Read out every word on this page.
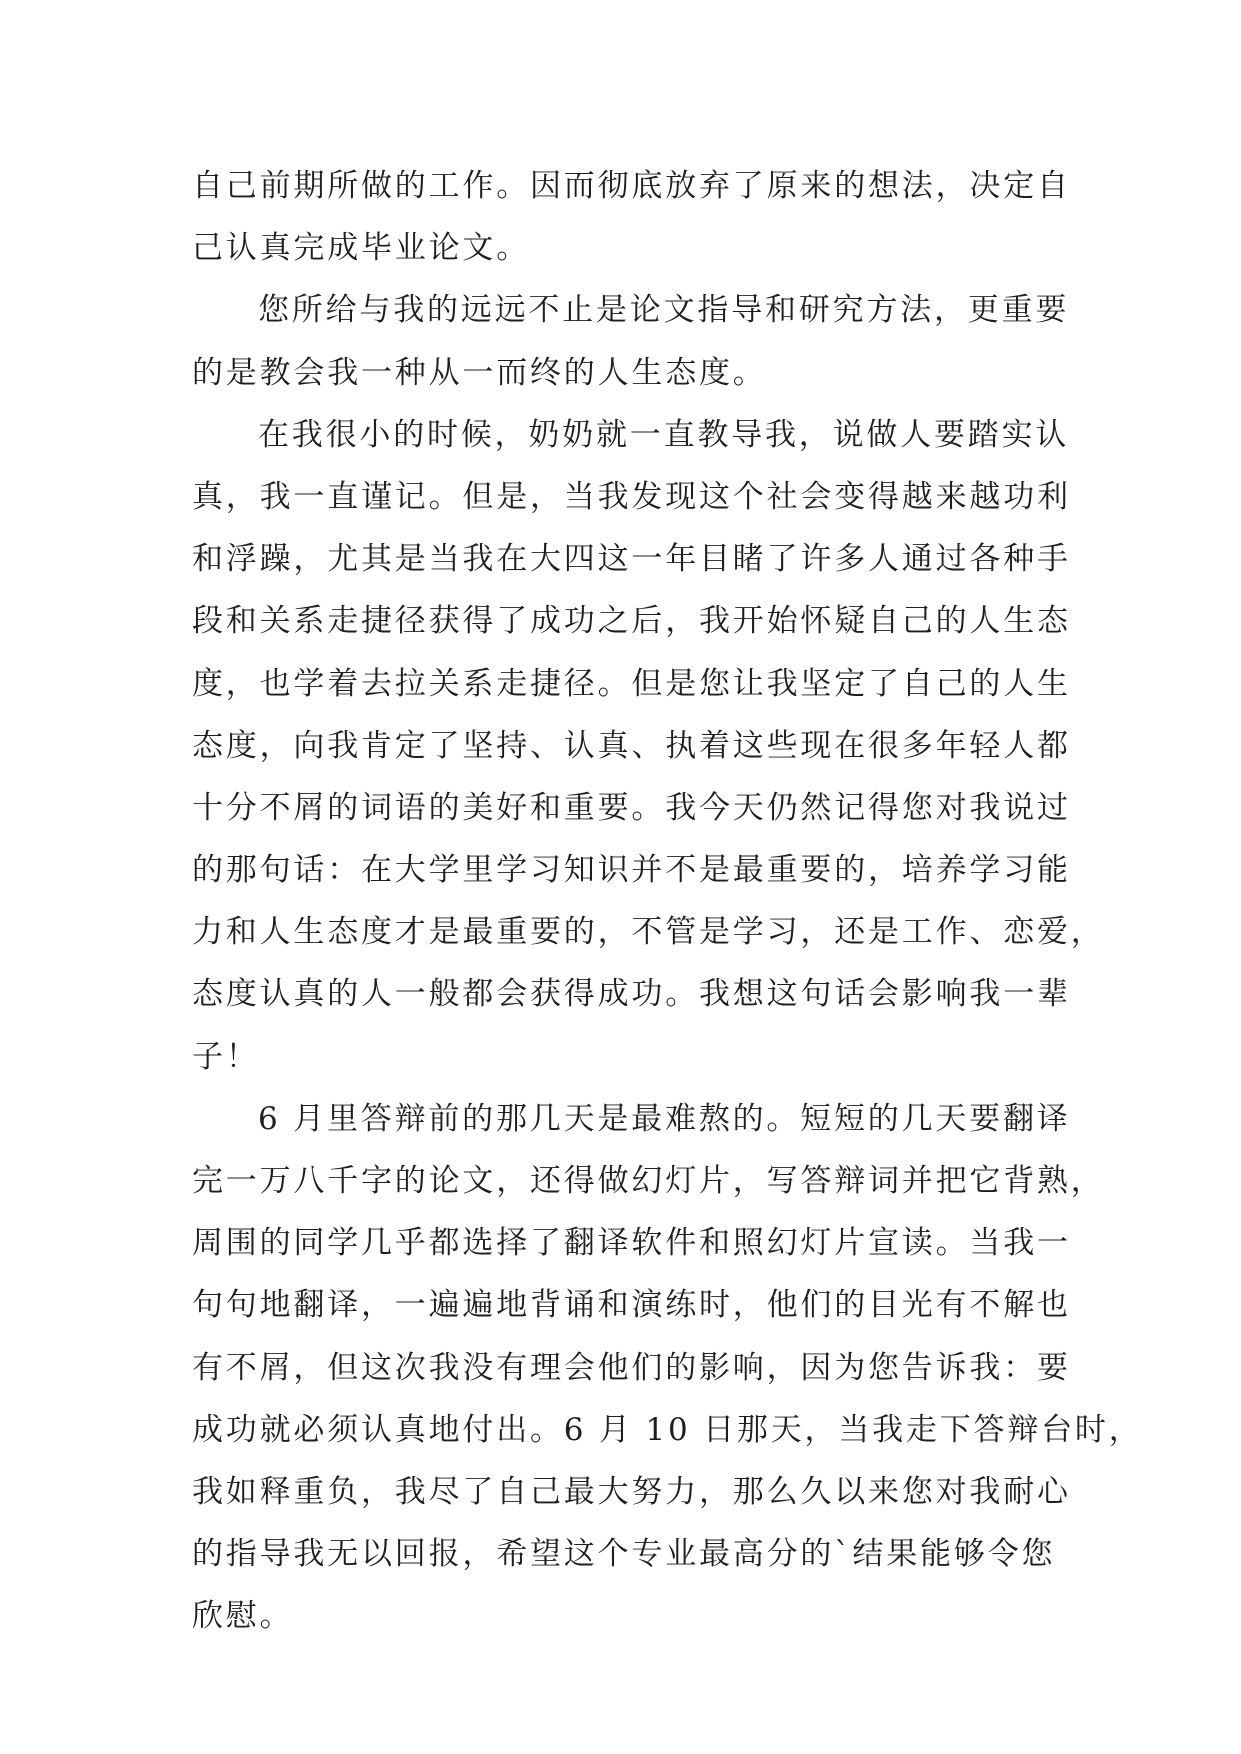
自己前期所做的工作。因而彻底放弃了原来的想法，决定自
己认真完成毕业论文。
您所给与我的远远不止是论文指导和研究方法，更重要
的是教会我一种从一而终的人生态度。
在我很小的时候，奶奶就一直教导我，说做人要踏实认
真，我一直谨记。但是，当我发现这个社会变得越来越功利
和浮躁，尤其是当我在大四这一年目睹了许多人通过各种手
段和关系走捷径获得了成功之后，我开始怀疑自己的人生态
度，也学着去拉关系走捷径。但是您让我坚定了自己的人生
态度，向我肯定了坚持、认真、执着这些现在很多年轻人都
十分不屑的词语的美好和重要。我今天仍然记得您对我说过
的那句话：在大学里学习知识并不是最重要的，培养学习能
力和人生态度才是最重要的，不管是学习，还是工作、恋爱，
态度认真的人一般都会获得成功。我想这句话会影响我一辈
子！
6 月里答辩前的那几天是最难熬的。短短的几天要翻译
完一万八千字的论文，还得做幻灯片，写答辩词并把它背熟，
周围的同学几乎都选择了翻译软件和照幻灯片宣读。当我一
句句地翻译，一遍遍地背诵和演练时，他们的目光有不解也
有不屑，但这次我没有理会他们的影响，因为您告诉我：要
成功就必须认真地付出。6 月 10 日那天，当我走下答辩台时，
我如释重负，我尽了自己最大努力，那么久以来您对我耐心
的指导我无以回报，希望这个专业最高分的`结果能够令您
欣慰。
